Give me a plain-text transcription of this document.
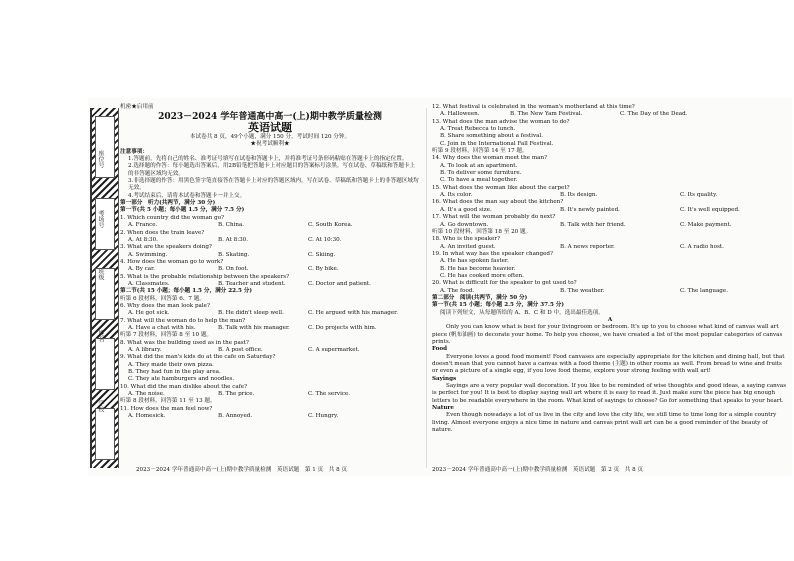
座位号
考场号
班级
姓名
学校

机密★启用前

2023－2024 学年普通高中高一(上)期中教学质量检测

英语试题

本试卷共 8 页，49个小题，满分 150 分，考试时间 120 分钟。

★祝考试顺利★

注意事项：

1.答题前，先将自己的姓名、准考证号填写在试卷和答题卡上，并将准考证号条形码粘贴在答题卡上的指定位置。

2.选择题的作答：每小题选出答案后，用2B铅笔把答题卡上对应题目的答案标号涂黑。写在试卷、草稿纸和答题卡上的非答题区域均无效。

3.非选择题的作答：用黑色签字笔直接答在答题卡上对应的答题区域内。写在试卷、草稿纸和答题卡上的非答题区域均无效。

4.考试结束后，请将本试卷和答题卡一并上交。

第一部分　听力(共两节，满分 30 分)

第一节(共 5 小题；每小题 1.5 分，满分 7.5 分)

1. Which country did the woman go?

A. France.	B. China.	C. South Korea.

2. When does the train leave?

A. At 8:30.	B. At 8:30.	C. At 10:30.

3. What are the speakers doing?

A. Swimming.	B. Skating.	C. Skiing.

4. How does the woman go to work?

A. By car.	B. On foot.	C. By bike.

5. What is the probable relationship between the speakers?

A. Classmates.	B. Teacher and student.	C. Doctor and patient.

第二节(共 15 小题；每小题 1.5 分，满分 22.5 分)

听第 6 段材料，回答第 6、7 题。

6. Why does the man look pale?

A. He got sick.	B. He didn't sleep well.	C. He argued with his manager.

7. What will the woman do to help the man?

A. Have a chat with his.	B. Talk with his manager.	C. Do projects with him.

听第 7 段材料，回答第 8 至 10 题。

8. What was the building used as in the past?

A. A library.	B. A post office.	C. A supermarket.

9. What did the man's kids do at the cafe on Saturday?

A. They made their own pizza.

B. They had fun in the play area.

C. They ate hamburgers and noodles.

10. What did the man dislike about the cafe?

A. The noise.	B. The price.	C. The service.

听第 8 段材料，回答第 11 至 13 题。

11. How does the man feel now?

A. Homesick.	B. Annoyed.	C. Hungry.

2023－2024 学年普通高中高一(上)期中教学质量检测　英语试题　第 1 页　共 8 页

12. What festival is celebrated in the woman's motherland at this time?

A. Halloween.	B. The New Yam Festival.	C. The Day of the Dead.

13. What does the man advise the woman to do?

A. Treat Rebecca to lunch.

B. Share something about a festival.

C. Join in the International Fall Festival.

听第 9 段材料，回答第 14 至 17 题。

14. Why does the woman meet the man?

A. To look at an apartment.

B. To deliver some furniture.

C. To have a meal together.

15. What does the woman like about the carpet?

A. Its color.	B. Its design.	C. Its quality.

16. What does the man say about the kitchen?

A. It's a good size.	B. It's newly painted.	C. It's well equipped.

17. What will the woman probably do next?

A. Go downtown.	B. Talk with her friend.	C. Make payment.

听第 10 段材料，回答第 18 至 20 题。

18. Who is the speaker?

A. An invited guest.	B. A news reporter.	C. A radio host.

19. In what way has the speaker changed?

A. He has spoken faster.

B. He has become heavier.

C. He has cooked more often.

20. What is difficult for the speaker to get used to?

A. The food.	B. The weather.	C. The language.

第二部分　阅读(共两节，满分 50 分)

第一节(共 15 小题；每小题 2.5 分，满分 37.5 分)

阅读下列短文，从每题所给的 A、B、C 和 D 中，选出最佳选项。

A

Only you can know what is best for your livingroom or bedroom. It's up to you to choose what kind of canvas wall art piece (帆布油画) to decorate your home. To help you choose, we have created a list of the most popular categories of canvas prints.

Food

Everyone loves a good food moment! Food canvases are especially appropriate for the kitchen and dining hall, but that doesn't mean that you cannot have a canvas with a food theme (主题) in other rooms as well. From bread to wine and fruits or even a picture of a single egg, if you love food theme, explore your strong feeling with wall art!

Sayings

Sayings are a very popular wall decoration. If you like to be reminded of wise thoughts and good ideas, a saying canvas is perfect for you! It is best to display saying wall art where it is easy to read it. Just make sure the piece has big enough letters to be readable everywhere in the room. What kind of sayings to choose? Go for something that speaks to your heart.

Nature

Even though nowadays a lot of us live in the city and love the city life, we still time to time long for a simple country living. Almost everyone enjoys a nice time in nature and canvas print wall art can be a good reminder of the beauty of nature.

2023－2024 学年普通高中高一(上)期中教学质量检测　英语试题　第 2 页　共 8 页
